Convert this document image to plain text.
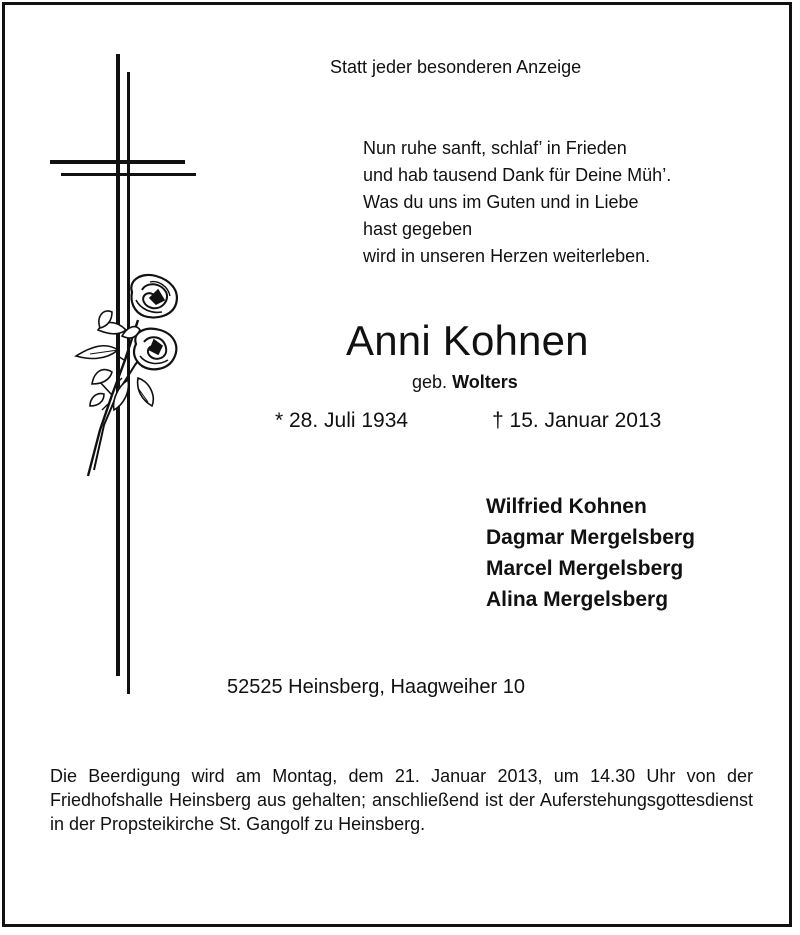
Statt jeder besonderen Anzeige
Nun ruhe sanft, schlaf’ in Frieden
und hab tausend Dank für Deine Müh’.
Was du uns im Guten und in Liebe
hast gegeben
wird in unseren Herzen weiterleben.
Anni Kohnen
geb. Wolters
* 28. Juli 1934	† 15. Januar 2013
Wilfried Kohnen
Dagmar Mergelsberg
Marcel Mergelsberg
Alina Mergelsberg
52525 Heinsberg, Haagweiher 10
Die Beerdigung wird am Montag, dem 21. Januar 2013, um 14.30 Uhr von der Friedhofshalle Heinsberg aus gehalten; anschließend ist der Auferstehungsgottesdienst in der Propsteikirche St. Gangolf zu Heinsberg.
